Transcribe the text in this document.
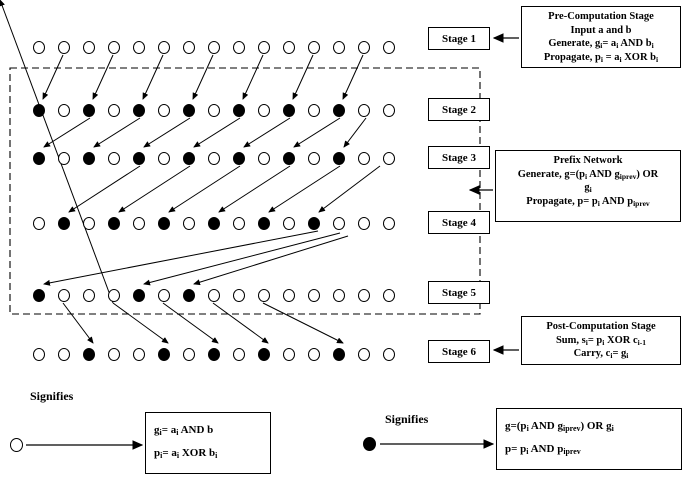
Stage 1
Stage 2
Stage 3
Stage 4
Stage 5
Stage 6
Pre-Computation Stage
Input a and b
Generate, $g_i= a_i$ AND $b_i$
Propagate, $p_i = a_i$ XOR $b_i$
Prefix Network
Generate, $g=(p_i$ AND $g_{iprev}$) OR
$g_i$
Propagate, $p= p_i$ AND $p_{iprev}$
Post-Computation Stage
Sum, $s_i= p_i$ XOR $c_{i-1}$
Carry, $c_i= g_i$
Signifies
$g_i= a_i$ AND b
$p_i= a_i$ XOR $b_i$
Signifies	$g=(p_i$ AND $g_{iprev}$) OR $g_i$
$p= p_i$ AND $p_{iprev}$
